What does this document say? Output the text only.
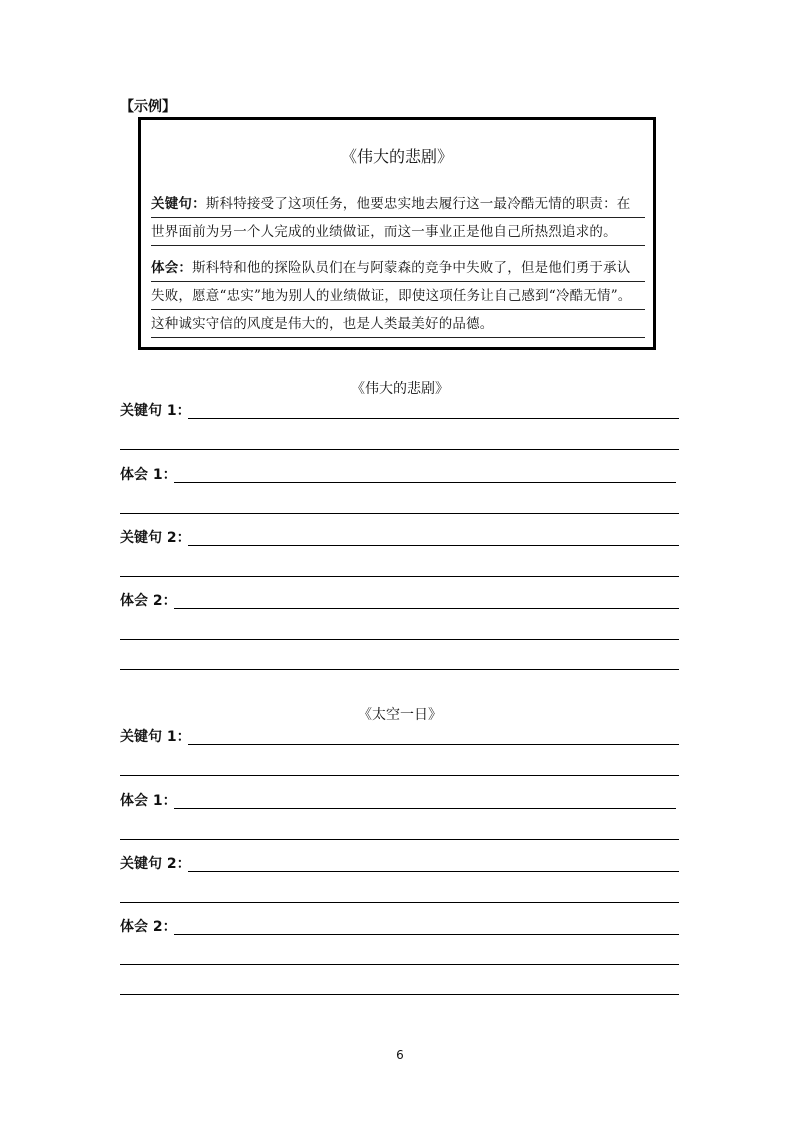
【示例】
《伟大的悲剧》
关键句：斯科特接受了这项任务，他要忠实地去履行这一最冷酷无情的职责：在
世界面前为另一个人完成的业绩做证，而这一事业正是他自己所热烈追求的。
体会：斯科特和他的探险队员们在与阿蒙森的竞争中失败了，但是他们勇于承认
失败，愿意“忠实”地为别人的业绩做证，即使这项任务让自己感到“冷酷无情”。
这种诚实守信的风度是伟大的，也是人类最美好的品德。
《伟大的悲剧》
关键句 1：
体会 1：
关键句 2：
体会 2：
《太空一日》
关键句 1：
体会 1：
关键句 2：
体会 2：
6
